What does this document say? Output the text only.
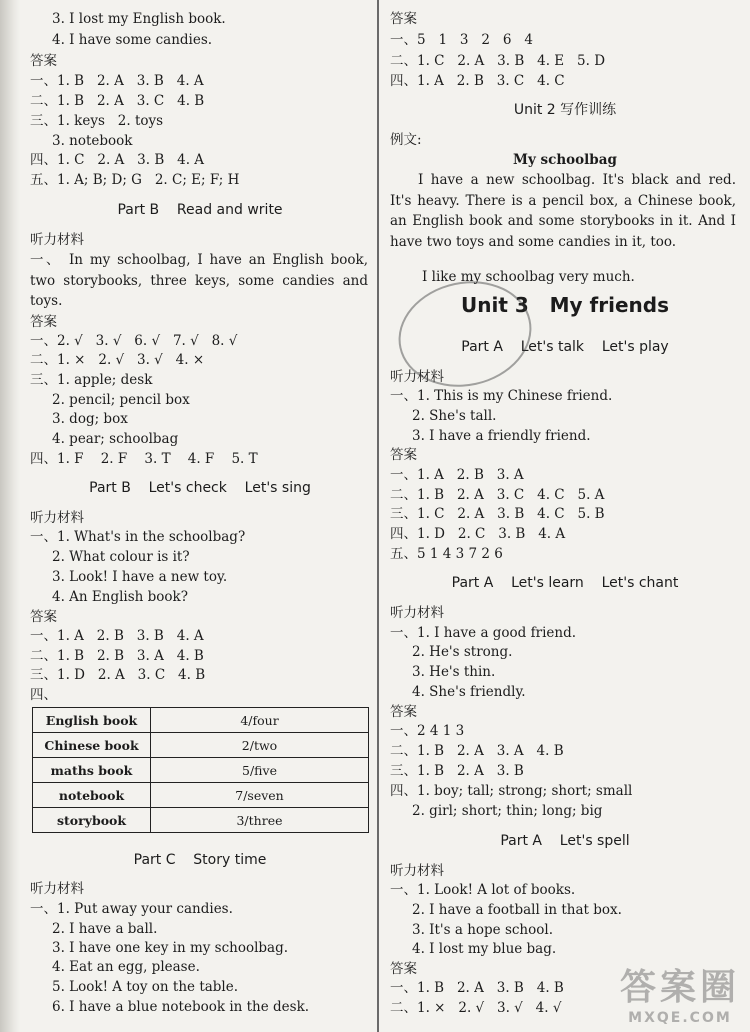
3. I lost my English book.
4. I have some candies.
答案
一、1. B   2. A   3. B   4. A
二、1. B   2. A   3. C   4. B
三、1. keys   2. toys
3. notebook
四、1. C   2. A   3. B   4. A
五、1. A; B; D; G   2. C; E; F; H
Part B    Read and write
听力材料
一、 In my schoolbag, I have an English book, two storybooks, three keys, some candies and toys.
答案
一、2. √   3. √   6. √   7. √   8. √
二、1. ×   2. √   3. √   4. ×
三、1. apple; desk
2. pencil; pencil box
3. dog; box
4. pear; schoolbag
四、1. F    2. F    3. T    4. F    5. T
Part B    Let's check    Let's sing
听力材料
一、1. What's in the schoolbag?
2. What colour is it?
3. Look! I have a new toy.
4. An English book?
答案
一、1. A   2. B   3. B   4. A
二、1. B   2. B   3. A   4. B
三、1. D   2. A   3. C   4. B
四、
English book	4/four
Chinese book	2/two
maths book	5/five
notebook	7/seven
storybook	3/three
Part C    Story time
听力材料
一、1. Put away your candies.
2. I have a ball.
3. I have one key in my schoolbag.
4. Eat an egg, please.
5. Look! A toy on the table.
6. I have a blue notebook in the desk.
答案
一、5   1   3   2   6   4
二、1. C   2. A   3. B   4. E   5. D
四、1. A   2. B   3. C   4. C
Unit 2 写作训练
例文:
My schoolbag
I have a new schoolbag. It's black and red. It's heavy. There is a pencil box, a Chinese book, an English book and some storybooks in it. And I have two toys and some candies in it, too.
I like my schoolbag very much.
Unit 3   My friends
Part A    Let's talk    Let's play
听力材料
一、1. This is my Chinese friend.
2. She's tall.
3. I have a friendly friend.
答案
一、1. A   2. B   3. A
二、1. B   2. A   3. C   4. C   5. A
三、1. C   2. A   3. B   4. C   5. B
四、1. D   2. C   3. B   4. A
五、5 1 4 3 7 2 6
Part A    Let's learn    Let's chant
听力材料
一、1. I have a good friend.
2. He's strong.
3. He's thin.
4. She's friendly.
答案
一、2 4 1 3
二、1. B   2. A   3. A   4. B
三、1. B   2. A   3. B
四、1. boy; tall; strong; short; small
2. girl; short; thin; long; big
Part A    Let's spell
听力材料
一、1. Look! A lot of books.
2. I have a football in that box.
3. It's a hope school.
4. I lost my blue bag.
答案
一、1. B   2. A   3. B   4. B
二、1. ×   2. √   3. √   4. √ 答案圈
MXQE.COM
